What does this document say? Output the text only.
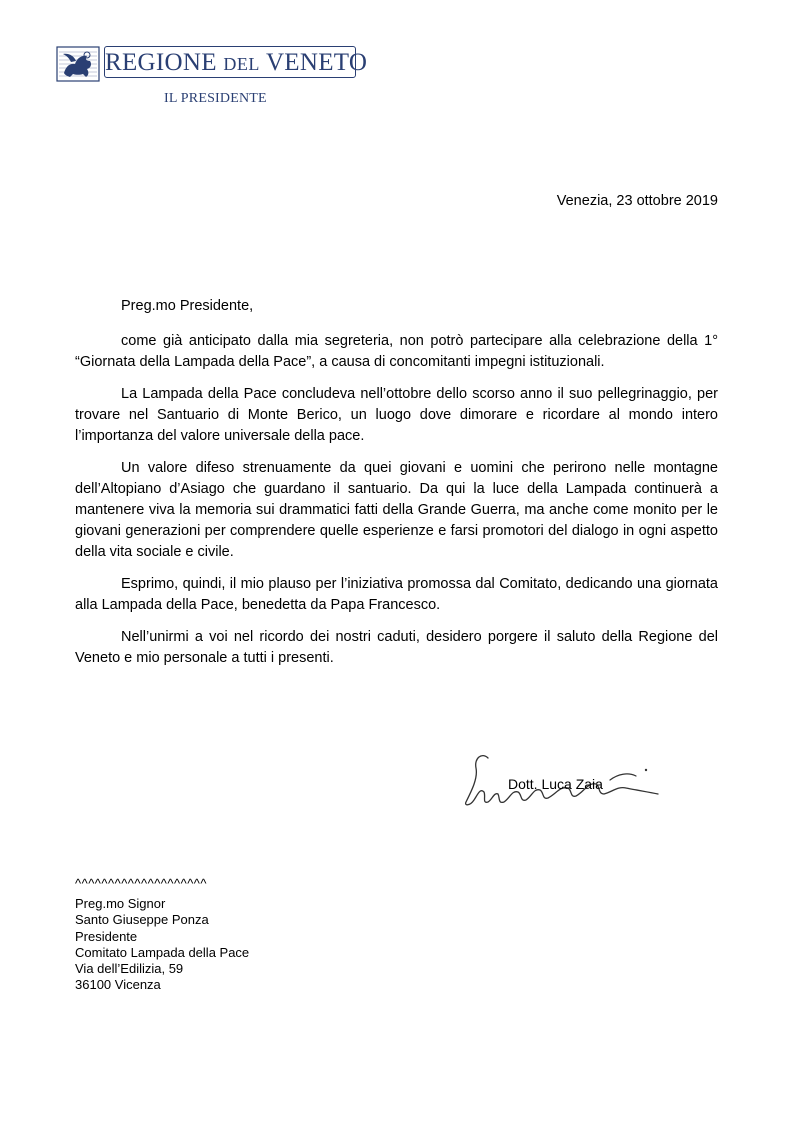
REGIONE DEL VENETO
IL PRESIDENTE
Venezia, 23 ottobre 2019
Preg.mo Presidente,

come già anticipato dalla mia segreteria, non potrò partecipare alla celebrazione della 1° “Giornata della Lampada della Pace”, a causa di concomitanti impegni istituzionali.

La Lampada della Pace concludeva nell’ottobre dello scorso anno il suo pellegrinaggio, per trovare nel Santuario di Monte Berico, un luogo dove dimorare e ricordare al mondo intero l’importanza del valore universale della pace.

Un valore difeso strenuamente da quei giovani e uomini che perirono nelle montagne dell’Altopiano d’Asiago che guardano il santuario. Da qui la luce della Lampada continuerà a mantenere viva la memoria sui drammatici fatti della Grande Guerra, ma anche come monito per le giovani generazioni per comprendere quelle esperienze e farsi promotori del dialogo in ogni aspetto della vita sociale e civile.

Esprimo, quindi, il mio plauso per l’iniziativa promossa dal Comitato, dedicando una giornata alla Lampada della Pace, benedetta da Papa Francesco.

Nell’unirmi a voi nel ricordo dei nostri caduti, desidero porgere il saluto della Regione del Veneto e mio personale a tutti i presenti.

Dott. Luca Zaia
^^^^^^^^^^^^^^^^^^^^
Preg.mo Signor
Santo Giuseppe Ponza
Presidente
Comitato Lampada della Pace
Via dell’Edilizia, 59
36100 Vicenza
